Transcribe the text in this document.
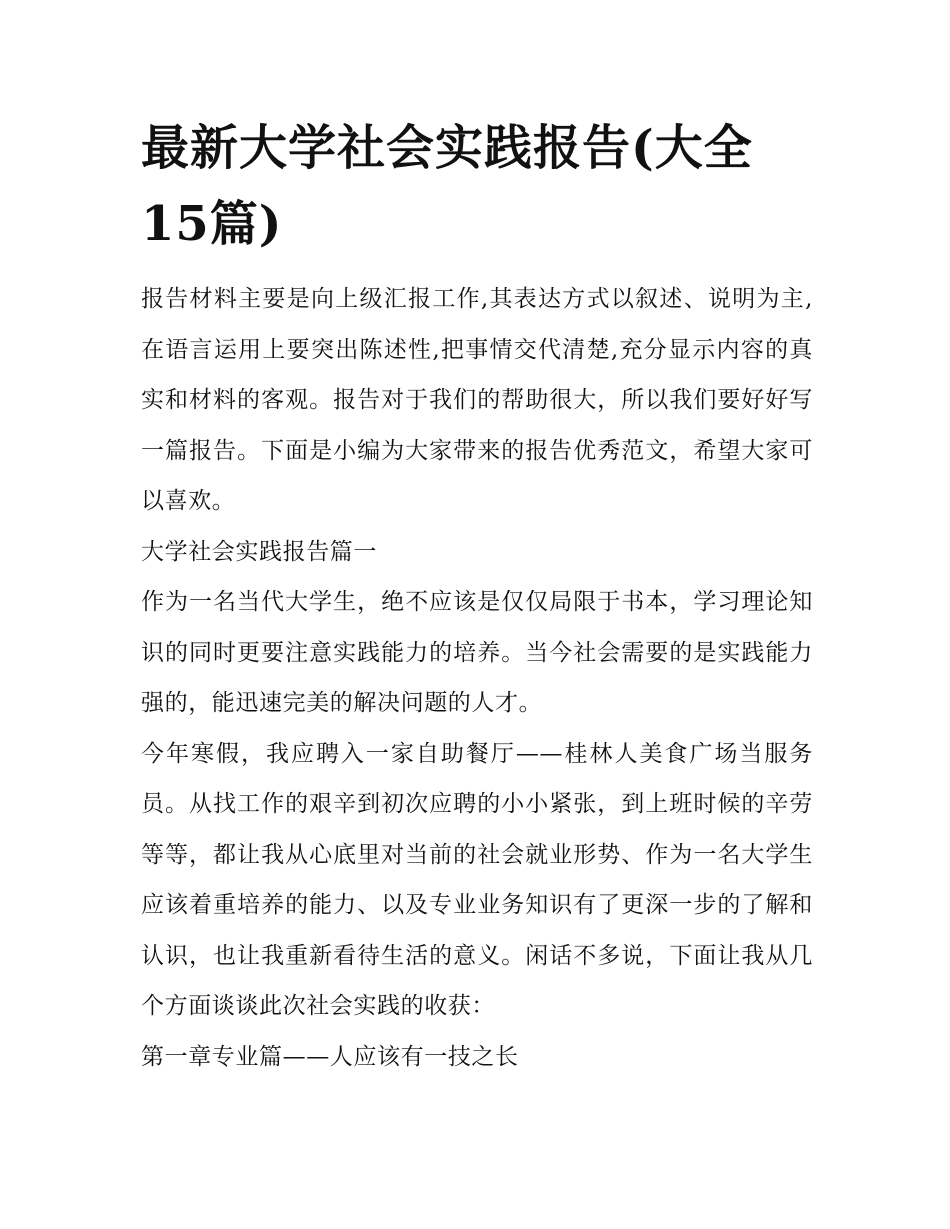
最新大学社会实践报告(大全15篇)

报告材料主要是向上级汇报工作,其表达方式以叙述、说明为主,在语言运用上要突出陈述性,把事情交代清楚,充分显示内容的真实和材料的客观。报告对于我们的帮助很大，所以我们要好好写一篇报告。下面是小编为大家带来的报告优秀范文，希望大家可以喜欢。

大学社会实践报告篇一

作为一名当代大学生，绝不应该是仅仅局限于书本，学习理论知识的同时更要注意实践能力的培养。当今社会需要的是实践能力强的，能迅速完美的解决问题的人才。

今年寒假，我应聘入一家自助餐厅——桂林人美食广场当服务员。从找工作的艰辛到初次应聘的小小紧张，到上班时候的辛劳等等，都让我从心底里对当前的社会就业形势、作为一名大学生应该着重培养的能力、以及专业业务知识有了更深一步的了解和认识，也让我重新看待生活的意义。闲话不多说，下面让我从几个方面谈谈此次社会实践的收获：

第一章专业篇——人应该有一技之长
